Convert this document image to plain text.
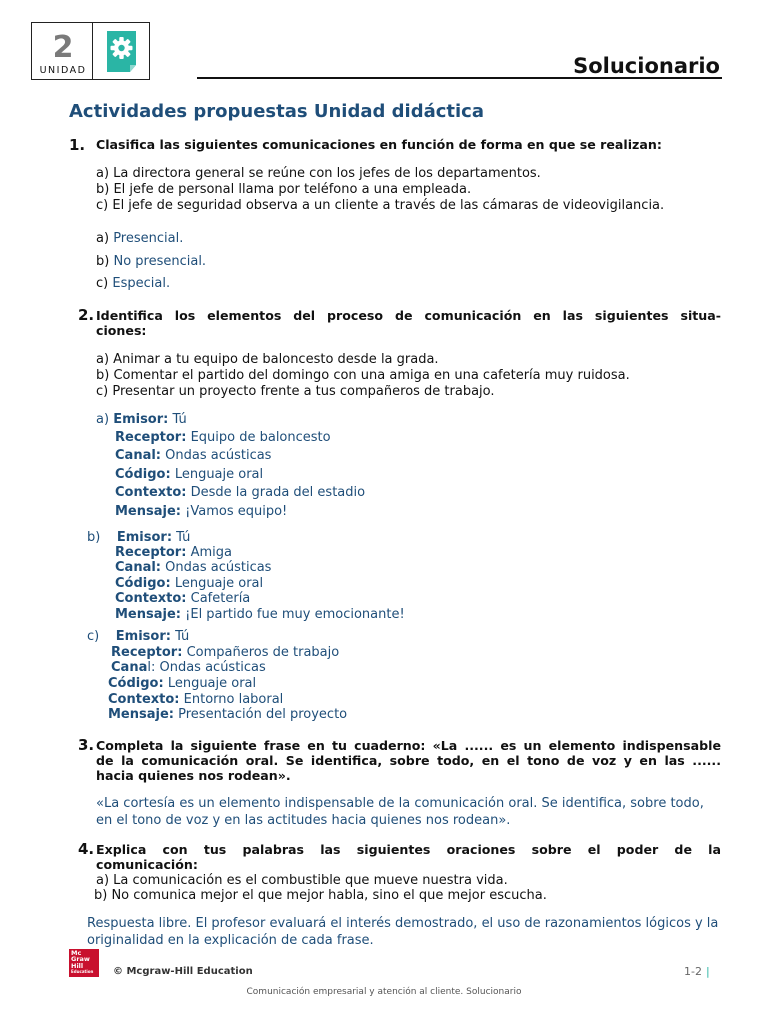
2
UNIDAD	Solucionario
Actividades propuestas Unidad didáctica
1. Clasifica las siguientes comunicaciones en función de forma en que se realizan:
a) La directora general se reúne con los jefes de los departamentos.
b) El jefe de personal llama por teléfono a una empleada.
c) El jefe de seguridad observa a un cliente a través de las cámaras de videovigilancia.
a) Presencial.
b) No presencial.
c) Especial.
2. Identifica los elementos del proceso de comunicación en las siguientes situa-
ciones:
a) Animar a tu equipo de baloncesto desde la grada.
b) Comentar el partido del domingo con una amiga en una cafetería muy ruidosa.
c) Presentar un proyecto frente a tus compañeros de trabajo.
a) Emisor: Tú
Receptor: Equipo de baloncesto
Canal: Ondas acústicas
Código: Lenguaje oral
Contexto: Desde la grada del estadio
Mensaje: ¡Vamos equipo!
b) Emisor: Tú
Receptor: Amiga
Canal: Ondas acústicas
Código: Lenguaje oral
Contexto: Cafetería
Mensaje: ¡El partido fue muy emocionante!
c) Emisor: Tú
Receptor: Compañeros de trabajo
Canal: Ondas acústicas
Código: Lenguaje oral
Contexto: Entorno laboral
Mensaje: Presentación del proyecto
3. Completa la siguiente frase en tu cuaderno: «La ...... es un elemento indispensable
de la comunicación oral. Se identifica, sobre todo, en el tono de voz y en las ......
hacia quienes nos rodean».
«La cortesía es un elemento indispensable de la comunicación oral. Se identifica, sobre todo, en el tono de voz y en las actitudes hacia quienes nos rodean».
4. Explica con tus palabras las siguientes oraciones sobre el poder de la
comunicación:
a) La comunicación es el combustible que mueve nuestra vida.
b) No comunica mejor el que mejor habla, sino el que mejor escucha.
Respuesta libre. El profesor evaluará el interés demostrado, el uso de razonamientos lógicos y la originalidad en la explicación de cada frase.
Mc
Graw
Hill
Education	© Mcgraw-Hill Education	1-2 |
Comunicación empresarial y atención al cliente. Solucionario
